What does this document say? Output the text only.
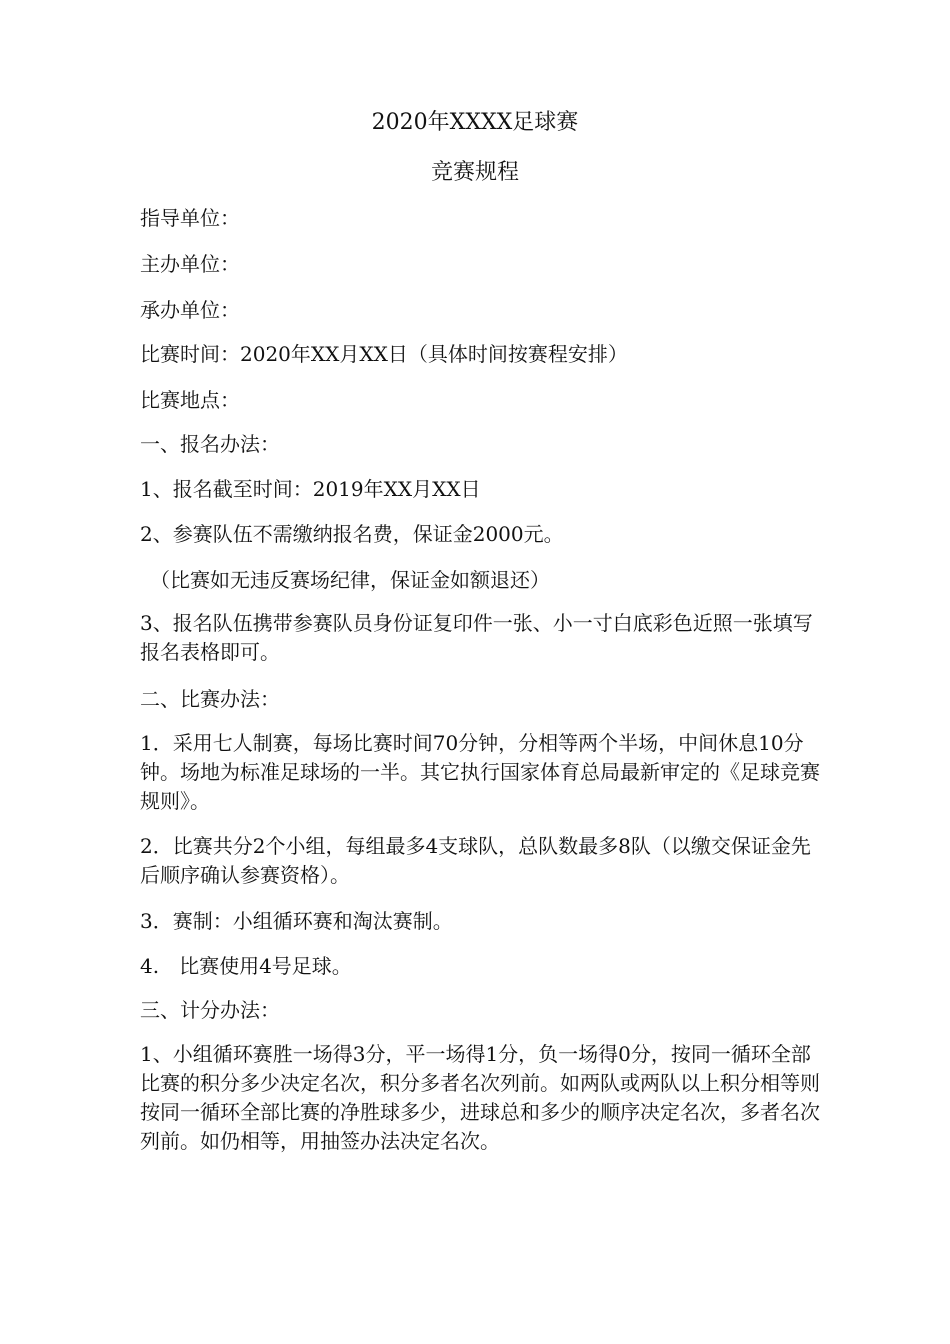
2020年XXXX足球赛
竞赛规程
指导单位：
主办单位：
承办单位：
比赛时间：2020年XX月XX日（具体时间按赛程安排）
比赛地点：
一、报名办法：
1、报名截至时间：2019年XX月XX日
2、参赛队伍不需缴纳报名费，保证金2000元。
（比赛如无违反赛场纪律，保证金如额退还）
3、报名队伍携带参赛队员身份证复印件一张、小一寸白底彩色近照一张填写报名表格即可。
二、比赛办法：
1．采用七人制赛，每场比赛时间70分钟，分相等两个半场，中间休息10分钟。场地为标准足球场的一半。其它执行国家体育总局最新审定的《足球竞赛规则》。
2．比赛共分2个小组，每组最多4支球队，总队数最多8队（以缴交保证金先后顺序确认参赛资格）。
3．赛制：小组循环赛和淘汰赛制。
4.　比赛使用4号足球。
三、计分办法：
1、小组循环赛胜一场得3分，平一场得1分，负一场得0分，按同一循环全部比赛的积分多少决定名次，积分多者名次列前。如两队或两队以上积分相等则按同一循环全部比赛的净胜球多少，进球总和多少的顺序决定名次，多者名次列前。如仍相等，用抽签办法决定名次。
